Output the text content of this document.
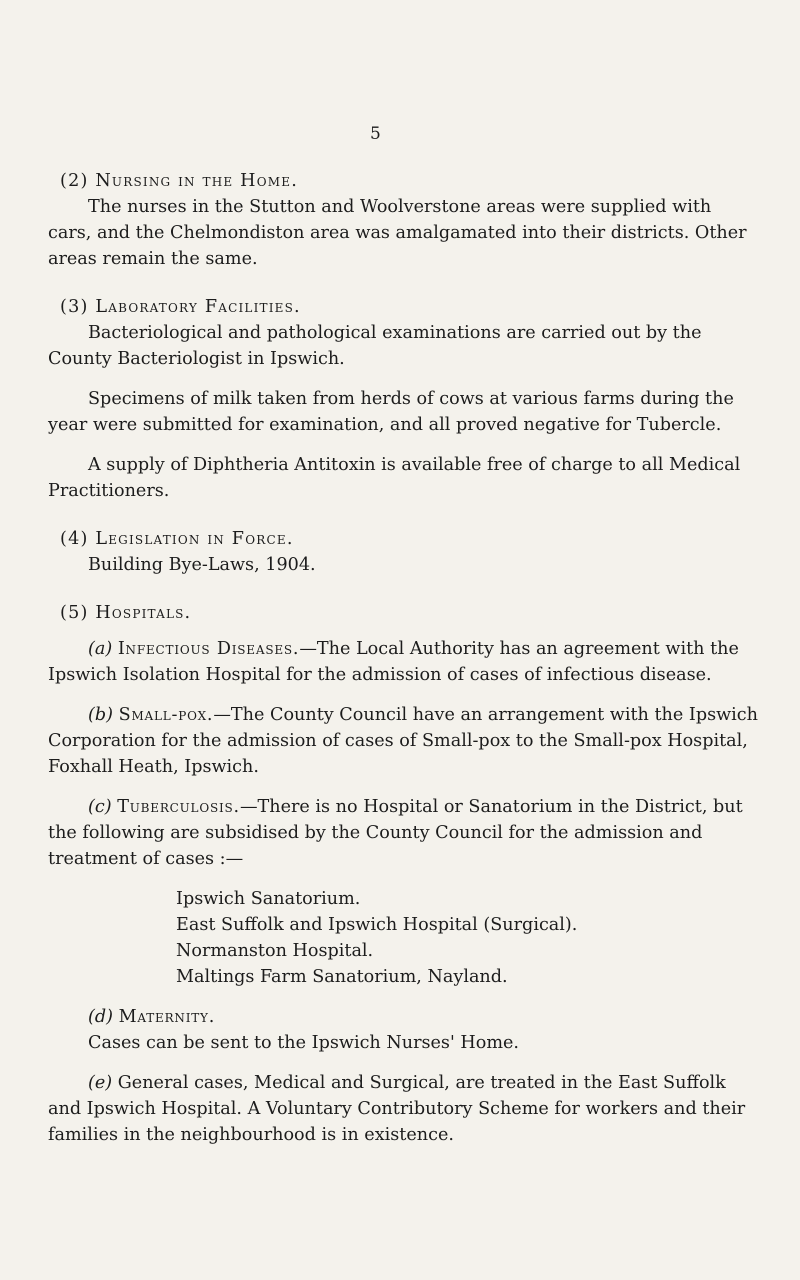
5
(2) Nursing in the Home.

The nurses in the Stutton and Woolverstone areas were supplied with cars, and the Chelmondiston area was amalgamated into their districts. Other areas remain the same.

(3) Laboratory Facilities.

Bacteriological and pathological examinations are carried out by the County Bacteriologist in Ipswich.

Specimens of milk taken from herds of cows at various farms during the year were submitted for examination, and all proved negative for Tubercle.

A supply of Diphtheria Antitoxin is available free of charge to all Medical Practitioners.

(4) Legislation in Force.

Building Bye-Laws, 1904.

(5) Hospitals.

(a) Infectious Diseases.—The Local Authority has an agreement with the Ipswich Isolation Hospital for the admission of cases of infectious disease.

(b) Small-pox.—The County Council have an arrangement with the Ipswich Corporation for the admission of cases of Small-pox to the Small-pox Hospital, Foxhall Heath, Ipswich.

(c) Tuberculosis.—There is no Hospital or Sanatorium in the District, but the following are subsidised by the County Council for the admission and treatment of cases :—

Ipswich Sanatorium.
East Suffolk and Ipswich Hospital (Surgical).
Normanston Hospital.
Maltings Farm Sanatorium, Nayland.

(d) Maternity.

Cases can be sent to the Ipswich Nurses' Home.

(e) General cases, Medical and Surgical, are treated in the East Suffolk and Ipswich Hospital. A Voluntary Contributory Scheme for workers and their families in the neighbourhood is in existence.
